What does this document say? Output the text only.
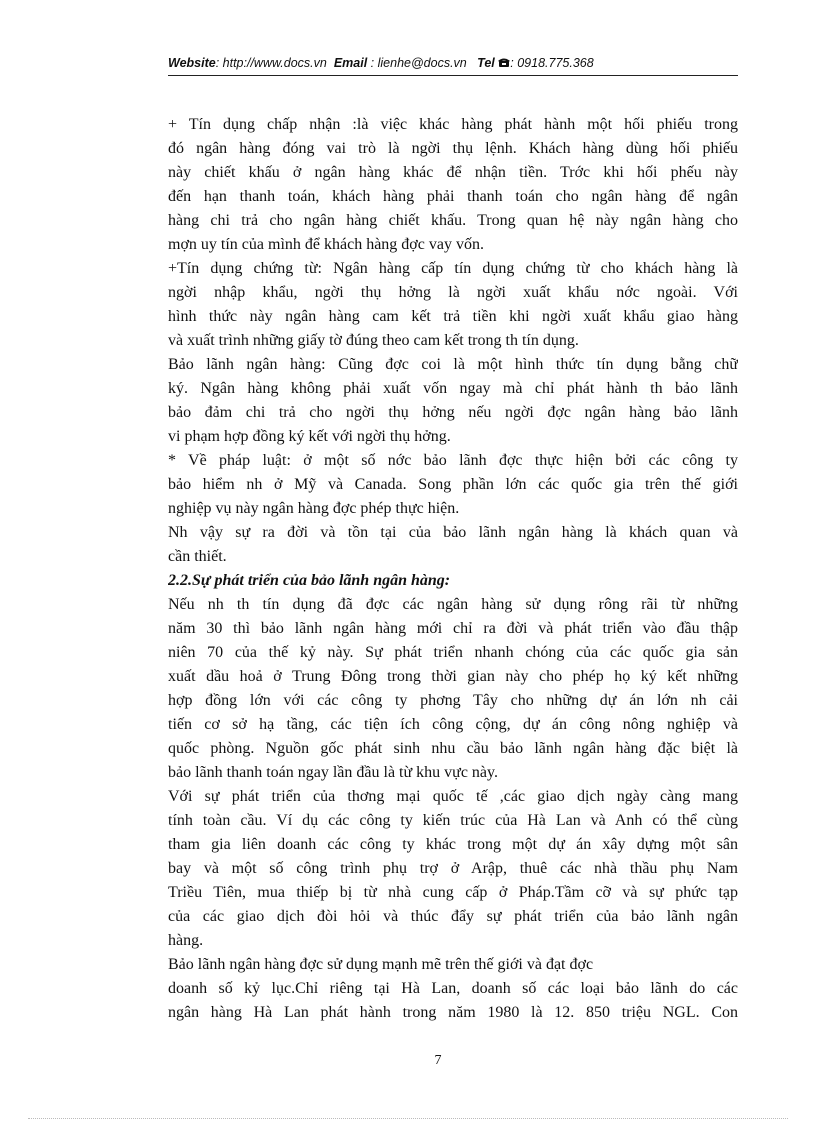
Website: http://www.docs.vn Email : lienhe@docs.vn Tel : 0918.775.368
+ Tín dụng chấp nhận :là việc khác hàng phát hành một hối phiếu trong
đó ngân hàng đóng vai trò là ngời thụ lệnh. Khách hàng dùng hối phiếu
này chiết khấu ở ngân hàng khác để nhận tiền. Trớc khi hối phếu này
đến hạn thanh toán, khách hàng phải thanh toán cho ngân hàng để ngân
hàng chi trả cho ngân hàng chiết khấu. Trong quan hệ này ngân hàng cho
mợn uy tín của mình để khách hàng đợc vay vốn.
+Tín dụng chứng từ: Ngân hàng cấp tín dụng chứng từ cho khách hàng là
ngời nhập khẩu, ngời thụ hởng là ngời xuất khẩu nớc ngoài. Với
hình thức này ngân hàng cam kết trả tiền khi ngời xuất khẩu giao hàng
và xuất trình những giấy tờ đúng theo cam kết trong th tín dụng.
Bảo lãnh ngân hàng: Cũng đợc coi là một hình thức tín dụng bằng chữ
ký. Ngân hàng không phải xuất vốn ngay mà chỉ phát hành th bảo lãnh
bảo đảm chi trả cho ngời thụ hởng nếu ngời đợc ngân hàng bảo lãnh
vi phạm hợp đồng ký kết với ngời thụ hởng.
* Về pháp luật: ở một số nớc bảo lãnh đợc thực hiện bởi các công ty
bảo hiểm nh ở Mỹ và Canada. Song phần lớn các quốc gia trên thế giới
nghiệp vụ này ngân hàng đợc phép thực hiện.
Nh vậy sự ra đời và tồn tại của bảo lãnh ngân hàng là khách quan và
cần thiết.
2.2.Sự phát triển của bảo lãnh ngân hàng:
Nếu nh th tín dụng đã đợc các ngân hàng sử dụng rông rãi từ những
năm 30 thì bảo lãnh ngân hàng mới chỉ ra đời và phát triển vào đầu thập
niên 70 của thế kỷ này. Sự phát triển nhanh chóng của các quốc gia sản
xuất dầu hoả ở Trung Đông trong thời gian này cho phép họ ký kết những
hợp đồng lớn với các công ty phơng Tây cho những dự án lớn nh cải
tiến cơ sở hạ tầng, các tiện ích công cộng, dự án công nông nghiệp và
quốc phòng. Nguồn gốc phát sinh nhu cầu bảo lãnh ngân hàng đặc biệt là
bảo lãnh thanh toán ngay lần đầu là từ khu vực này.
Với sự phát triển của thơng mại quốc tế ,các giao dịch ngày càng mang
tính toàn cầu. Ví dụ các công ty kiến trúc của Hà Lan và Anh có thể cùng
tham gia liên doanh các công ty khác trong một dự án xây dựng một sân
bay và một số công trình phụ trợ ở Arập, thuê các nhà thầu phụ Nam
Triều Tiên, mua thiếp bị từ nhà cung cấp ở Pháp.Tầm cỡ và sự phức tạp
của các giao dịch đòi hỏi và thúc đẩy sự phát triển của bảo lãnh ngân
hàng.
Bảo lãnh ngân hàng đợc sử dụng mạnh mẽ trên thế giới và đạt đợc
doanh số kỷ lục.Chỉ riêng tại Hà Lan, doanh số các loại bảo lãnh do các
ngân hàng Hà Lan phát hành trong năm 1980 là 12. 850 triệu NGL. Con
7
